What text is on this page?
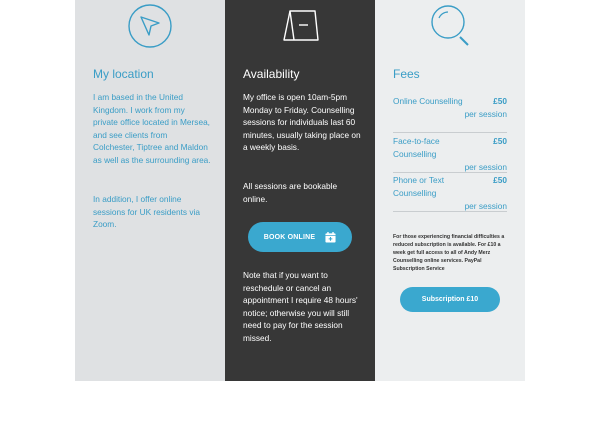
My location
I am based in the United Kingdom. I work from my private office located in Mersea, and see clients from Colchester, Tiptree and Maldon as well as the surrounding area.
In addition, I offer online sessions for UK residents via Zoom.
Availability
My office is open 10am-5pm Monday to Friday. Counselling sessions for individuals last 60 minutes, usually taking place on a weekly basis.
All sessions are bookable online.
BOOK ONLINE
Note that if you want to reschedule or cancel an appointment I require 48 hours' notice; otherwise you will still need to pay for the session missed.
Fees
Online Counselling	£50
per session
Face-to-face Counselling
£50
per session
Phone or Text Counselling
£50
per session
For those experiencing financial difficulties a reduced subscription is available. For £10 a week get full access to all of Andy Merz Counselling online services. PayPal Subscription Service
Subscription £10
